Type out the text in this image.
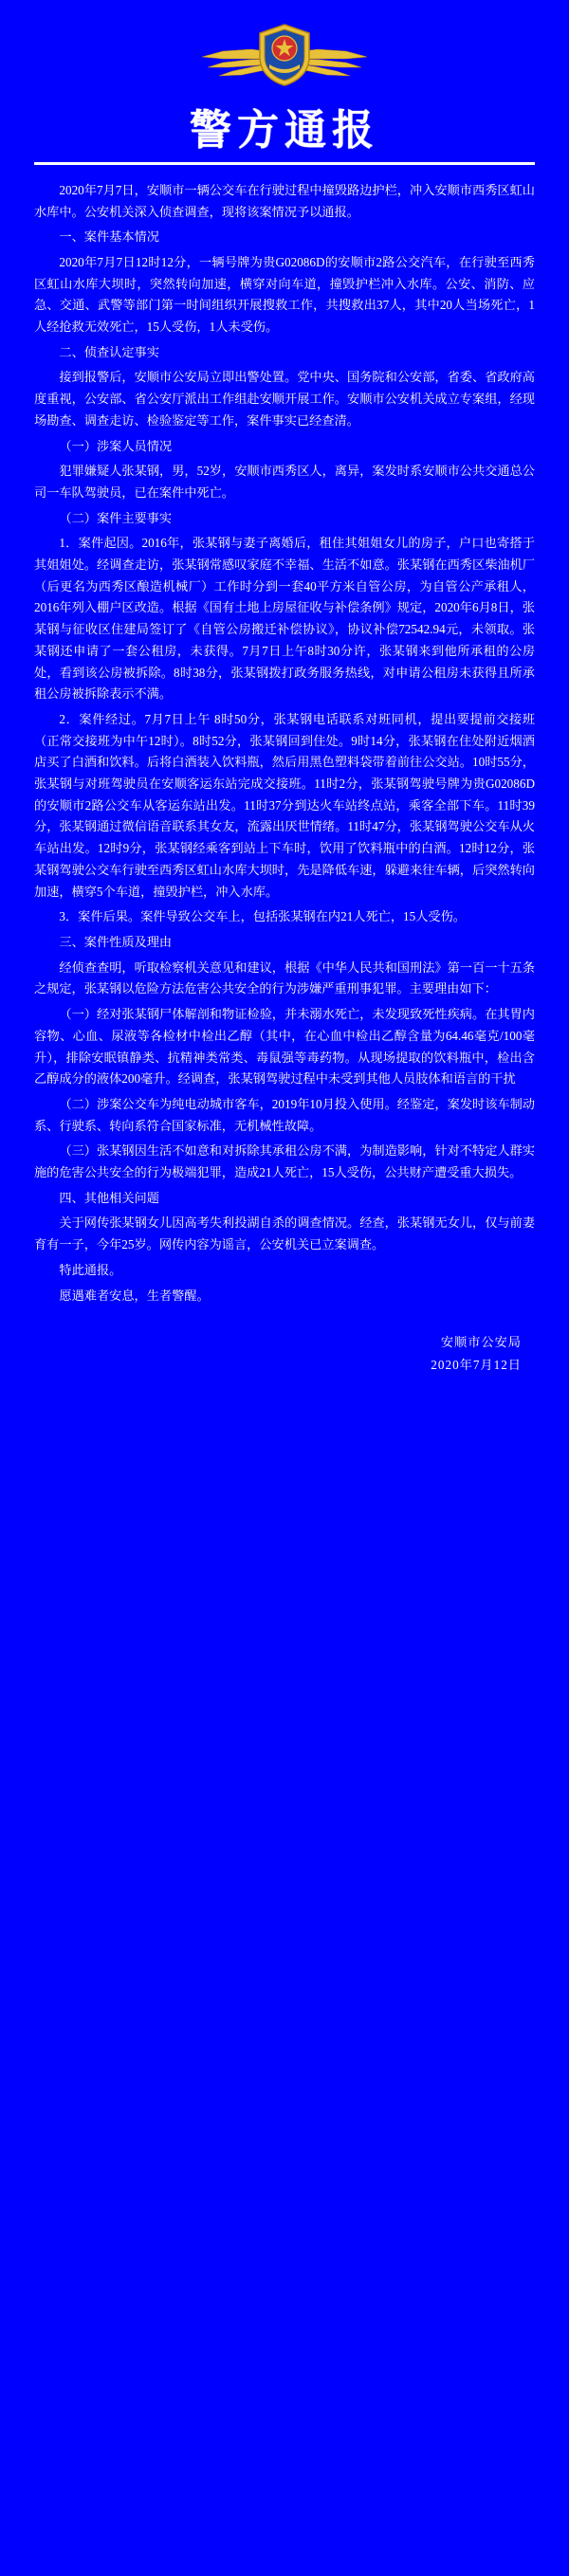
警方通报

2020年7月7日，安顺市一辆公交车在行驶过程中撞毁路边护栏，冲入安顺市西秀区虹山水库中。公安机关深入侦查调查，现将该案情况予以通报。

一、案件基本情况

2020年7月7日12时12分，一辆号牌为贵G02086D的安顺市2路公交汽车，在行驶至西秀区虹山水库大坝时，突然转向加速，横穿对向车道，撞毁护栏冲入水库。公安、消防、应急、交通、武警等部门第一时间组织开展搜救工作，共搜救出37人，其中20人当场死亡，1人经抢救无效死亡，15人受伤，1人未受伤。

二、侦查认定事实

接到报警后，安顺市公安局立即出警处置。党中央、国务院和公安部，省委、省政府高度重视，公安部、省公安厅派出工作组赴安顺开展工作。安顺市公安机关成立专案组，经现场勘查、调查走访、检验鉴定等工作，案件事实已经查清。

（一）涉案人员情况

犯罪嫌疑人张某钢，男，52岁，安顺市西秀区人，离异，案发时系安顺市公共交通总公司一车队驾驶员，已在案件中死亡。

（二）案件主要事实

1．案件起因。2016年，张某钢与妻子离婚后，租住其姐姐女儿的房子，户口也寄搭于其姐姐处。经调查走访，张某钢常感叹家庭不幸福、生活不如意。张某钢在西秀区柴油机厂（后更名为西秀区酿造机械厂）工作时分到一套40平方米自管公房，为自管公产承租人，2016年列入棚户区改造。根据《国有土地上房屋征收与补偿条例》规定，2020年6月8日，张某钢与征收区住建局签订了《自管公房搬迁补偿协议》，协议补偿72542.94元，未领取。张某钢还申请了一套公租房，未获得。7月7日上午8时30分许，张某钢来到他所承租的公房处，看到该公房被拆除。8时38分，张某钢拨打政务服务热线，对申请公租房未获得且所承租公房被拆除表示不满。

2．案件经过。7月7日上午 8时50分，张某钢电话联系对班同机，提出要提前交接班（正常交接班为中午12时）。8时52分，张某钢回到住处。9时14分，张某钢在住处附近烟酒店买了白酒和饮料。后将白酒装入饮料瓶，然后用黑色塑料袋带着前往公交站。10时55分，张某钢与对班驾驶员在安顺客运东站完成交接班。11时2分，张某钢驾驶号牌为贵G02086D的安顺市2路公交车从客运东站出发。11时37分到达火车站终点站，乘客全部下车。11时39分，张某钢通过微信语音联系其女友，流露出厌世情绪。11时47分，张某钢驾驶公交车从火车站出发。12时9分，张某钢经乘客到站上下车时，饮用了饮料瓶中的白酒。12时12分，张某钢驾驶公交车行驶至西秀区虹山水库大坝时，先是降低车速，躲避来往车辆，后突然转向加速，横穿5个车道，撞毁护栏，冲入水库。

3．案件后果。案件导致公交车上，包括张某钢在内21人死亡，15人受伤。

三、案件性质及理由

经侦查查明，听取检察机关意见和建议，根据《中华人民共和国刑法》第一百一十五条之规定，张某钢以危险方法危害公共安全的行为涉嫌严重刑事犯罪。主要理由如下：

（一）经对张某钢尸体解剖和物证检验，并未溺水死亡，未发现致死性疾病。在其胃内容物、心血、尿液等各检材中检出乙醇（其中，在心血中检出乙醇含量为64.46毫克/100毫升），排除安眠镇静类、抗精神类常类、毒鼠强等毒药物。从现场提取的饮料瓶中，检出含乙醇成分的液体200毫升。经调查，张某钢驾驶过程中未受到其他人员肢体和语言的干扰

（二）涉案公交车为纯电动城市客车，2019年10月投入使用。经鉴定，案发时该车制动系、行驶系、转向系符合国家标准，无机械性故障。

（三）张某钢因生活不如意和对拆除其承租公房不满，为制造影响，针对不特定人群实施的危害公共安全的行为极端犯罪，造成21人死亡，15人受伤，公共财产遭受重大损失。

四、其他相关问题

关于网传张某钢女儿因高考失利投湖自杀的调查情况。经查，张某钢无女儿，仅与前妻育有一子，今年25岁。网传内容为谣言，公安机关已立案调查。

特此通报。

愿遇难者安息，生者警醒。

安顺市公安局
2020年7月12日
